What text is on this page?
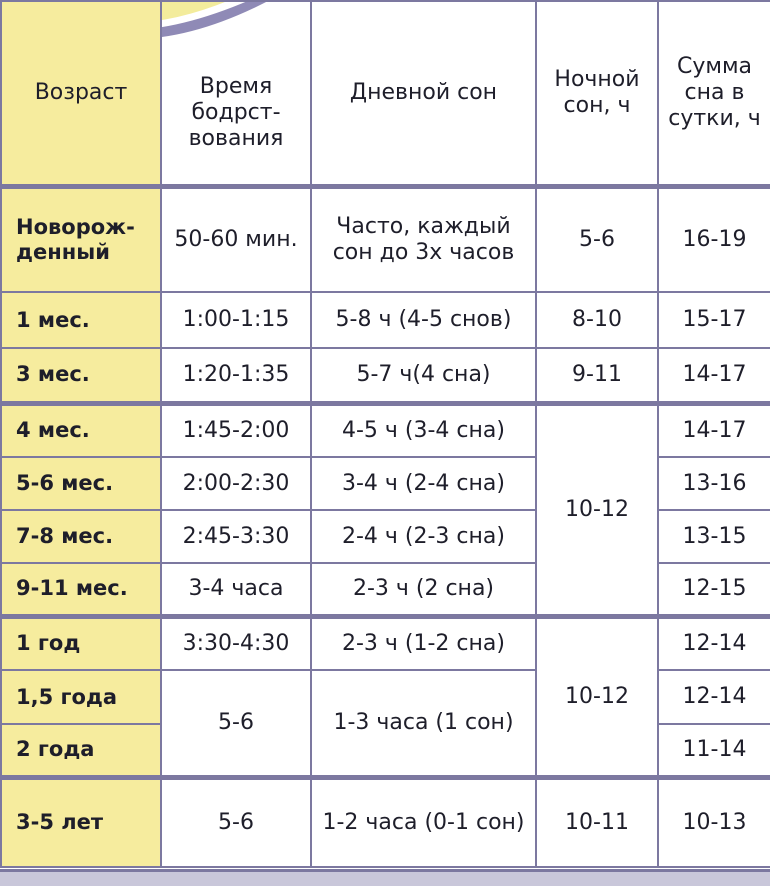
Возраст	Время бодрст-вования	Дневной сон	Ночной сон, ч	Сумма сна в сутки, ч
Новорож-денный	50-60 мин.	Часто, каждый сон до 3х часов	5-6	16-19
1 мес.	1:00-1:15	5-8 ч (4-5 снов)	8-10	15-17
3 мес.	1:20-1:35	5-7 ч(4 сна)	9-11	14-17
4 мес.	1:45-2:00	4-5 ч (3-4 сна)	10-12	14-17
5-6 мес.	2:00-2:30	3-4 ч (2-4 сна)		13-16
7-8 мес.	2:45-3:30	2-4 ч (2-3 сна)		13-15
9-11 мес.	3-4 часа	2-3 ч (2 сна)		12-15
1 год	3:30-4:30	2-3 ч (1-2 сна)	10-12	12-14
1,5 года	5-6	1-3 часа (1 сон)		12-14
2 года				11-14
3-5 лет	5-6	1-2 часа (0-1 сон)	10-11	10-13
